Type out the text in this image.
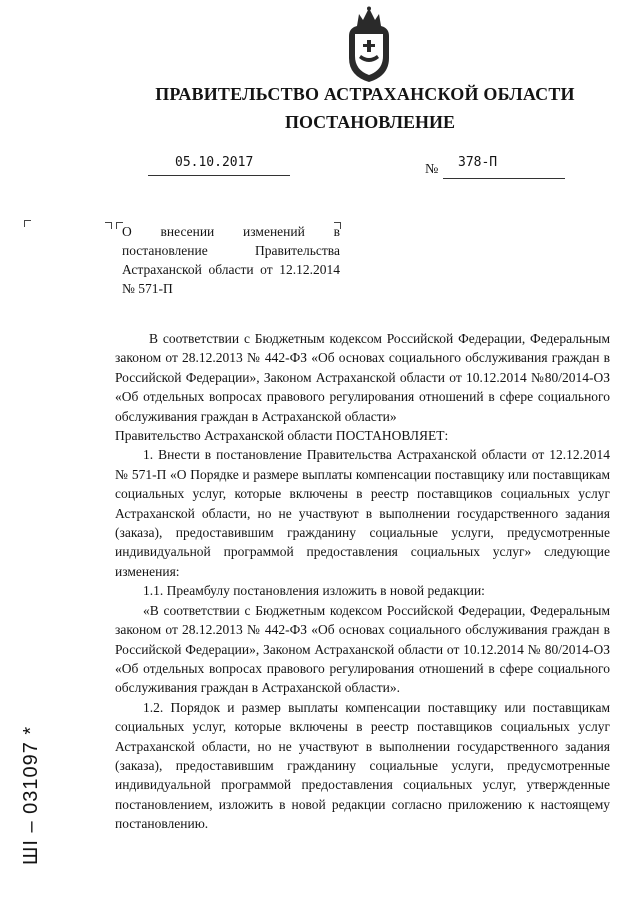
ПРАВИТЕЛЬСТВО АСТРАХАНСКОЙ ОБЛАСТИ
ПОСТАНОВЛЕНИЕ
05.10.2017	№ 378-П
О внесении изменений в постановление Правительства Астраханской области от 12.12.2014 № 571-П

В соответствии с Бюджетным кодексом Российской Федерации, Федеральным законом от 28.12.2013 № 442-ФЗ «Об основах социального обслуживания граждан в Российской Федерации», Законом Астраханской области от 10.12.2014 №80/2014-ОЗ «Об отдельных вопросах правового регулирования отношений в сфере социального обслуживания граждан в Астраханской области»

Правительство Астраханской области ПОСТАНОВЛЯЕТ:

1. Внести в постановление Правительства Астраханской области от 12.12.2014 № 571-П «О Порядке и размере выплаты компенсации поставщику или поставщикам социальных услуг, которые включены в реестр поставщиков социальных услуг Астраханской области, но не участвуют в выполнении государственного задания (заказа), предоставившим гражданину социальные услуги, предусмотренные индивидуальной программой предоставления социальных услуг» следующие изменения:

1.1. Преамбулу постановления изложить в новой редакции:

«В соответствии с Бюджетным кодексом Российской Федерации, Федеральным законом от 28.12.2013 № 442-ФЗ «Об основах социального обслуживания граждан в Российской Федерации», Законом Астраханской области от 10.12.2014 № 80/2014-ОЗ «Об отдельных вопросах правового регулирования отношений в сфере социального обслуживания граждан в Астраханской области».

1.2. Порядок и размер выплаты компенсации поставщику или поставщикам социальных услуг, которые включены в реестр поставщиков социальных услуг Астраханской области, но не участвуют в выполнении государственного задания (заказа), предоставившим гражданину социальные услуги, предусмотренные индивидуальной программой предоставления социальных услуг, утвержденные постановлением, изложить в новой редакции согласно приложению к настоящему постановлению.

ШI – 031097 *
